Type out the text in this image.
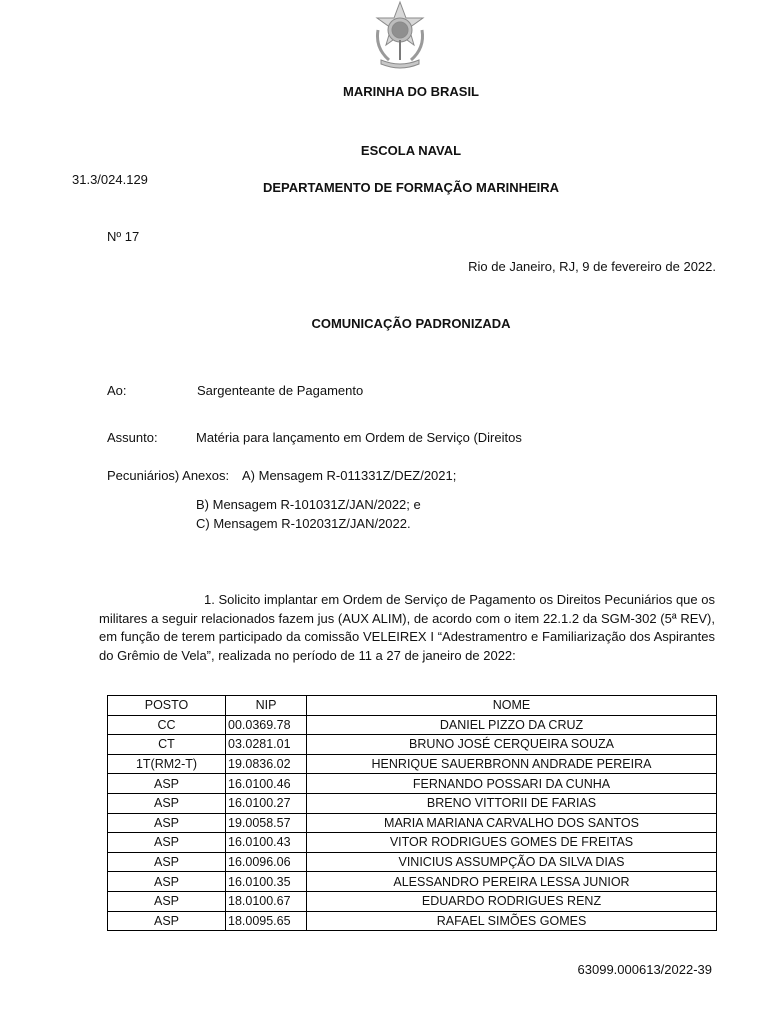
MARINHA DO BRASIL
ESCOLA NAVAL
31.3/024.129
DEPARTAMENTO DE FORMAÇÃO MARINHEIRA
Nº 17
Rio de Janeiro, RJ, 9 de fevereiro de 2022.
COMUNICAÇÃO PADRONIZADA
Ao:	Sargenteante de Pagamento
Assunto:	Matéria para lançamento em Ordem de Serviço (Direitos
Pecuniários) Anexos: A) Mensagem R-011331Z/DEZ/2021;
B) Mensagem R-101031Z/JAN/2022; e
C) Mensagem R-102031Z/JAN/2022.

1. Solicito implantar em Ordem de Serviço de Pagamento os Direitos Pecuniários que os militares a seguir relacionados fazem jus (AUX ALIM), de acordo com o item 22.1.2 da SGM-302 (5ª REV), em função de terem participado da comissão VELEIREX I “Adestramentro e Familiarização dos Aspirantes do Grêmio de Vela”, realizada no período de 11 a 27 de janeiro de 2022:

POSTO	NIP	NOME
CC	00.0369.78	DANIEL PIZZO DA CRUZ
CT	03.0281.01	BRUNO JOSÉ CERQUEIRA SOUZA
1T(RM2-T)	19.0836.02	HENRIQUE SAUERBRONN ANDRADE PEREIRA
ASP	16.0100.46	FERNANDO POSSARI DA CUNHA
ASP	16.0100.27	BRENO VITTORII DE FARIAS
ASP	19.0058.57	MARIA MARIANA CARVALHO DOS SANTOS
ASP	16.0100.43	VITOR RODRIGUES GOMES DE FREITAS
ASP	16.0096.06	VINICIUS ASSUMPÇÃO DA SILVA DIAS
ASP	16.0100.35	ALESSANDRO PEREIRA LESSA JUNIOR
ASP	18.0100.67	EDUARDO RODRIGUES RENZ
ASP	18.0095.65	RAFAEL SIMÕES GOMES
63099.000613/2022-39
